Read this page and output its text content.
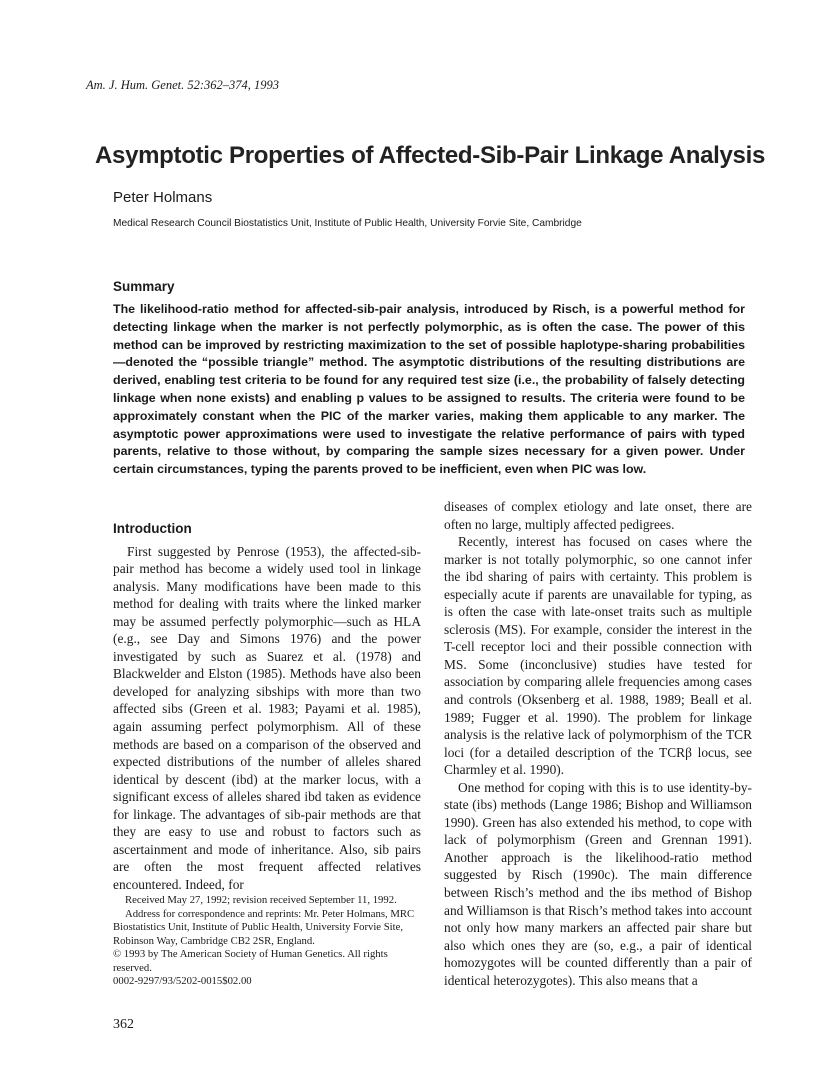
Am. J. Hum. Genet. 52:362–374, 1993
Asymptotic Properties of Affected-Sib-Pair Linkage Analysis
Peter Holmans
Medical Research Council Biostatistics Unit, Institute of Public Health, University Forvie Site, Cambridge
Summary

The likelihood-ratio method for affected-sib-pair analysis, introduced by Risch, is a powerful method for detecting linkage when the marker is not perfectly polymorphic, as is often the case. The power of this method can be improved by restricting maximization to the set of possible haplotype-sharing probabilities—denoted the “possible triangle” method. The asymptotic distributions of the resulting distributions are derived, enabling test criteria to be found for any required test size (i.e., the probability of falsely detecting linkage when none exists) and enabling p values to be assigned to results. The criteria were found to be approximately constant when the PIC of the marker varies, making them applicable to any marker. The asymptotic power approximations were used to investigate the relative performance of pairs with typed parents, relative to those without, by comparing the sample sizes necessary for a given power. Under certain circumstances, typing the parents proved to be inefficient, even when PIC was low.

Introduction

First suggested by Penrose (1953), the affected-sib-pair method has become a widely used tool in linkage analysis. Many modifications have been made to this method for dealing with traits where the linked marker may be assumed perfectly polymorphic—such as HLA (e.g., see Day and Simons 1976) and the power investigated by such as Suarez et al. (1978) and Blackwelder and Elston (1985). Methods have also been developed for analyzing sibships with more than two affected sibs (Green et al. 1983; Payami et al. 1985), again assuming perfect polymorphism. All of these methods are based on a comparison of the observed and expected distributions of the number of alleles shared identical by descent (ibd) at the marker locus, with a significant excess of alleles shared ibd taken as evidence for linkage. The advantages of sib-pair methods are that they are easy to use and robust to factors such as ascertainment and mode of inheritance. Also, sib pairs are often the most frequent affected relatives encountered. Indeed, for

diseases of complex etiology and late onset, there are often no large, multiply affected pedigrees.

Recently, interest has focused on cases where the marker is not totally polymorphic, so one cannot infer the ibd sharing of pairs with certainty. This problem is especially acute if parents are unavailable for typing, as is often the case with late-onset traits such as multiple sclerosis (MS). For example, consider the interest in the T-cell receptor loci and their possible connection with MS. Some (inconclusive) studies have tested for association by comparing allele frequencies among cases and controls (Oksenberg et al. 1988, 1989; Beall et al. 1989; Fugger et al. 1990). The problem for linkage analysis is the relative lack of polymorphism of the TCR loci (for a detailed description of the TCRβ locus, see Charmley et al. 1990).

One method for coping with this is to use identity-by-state (ibs) methods (Lange 1986; Bishop and Williamson 1990). Green has also extended his method, to cope with lack of polymorphism (Green and Grennan 1991). Another approach is the likelihood-ratio method suggested by Risch (1990c). The main difference between Risch’s method and the ibs method of Bishop and Williamson is that Risch’s method takes into account not only how many markers an affected pair share but also which ones they are (so, e.g., a pair of identical homozygotes will be counted differently than a pair of identical heterozygotes). This also means that a

Received May 27, 1992; revision received September 11, 1992.
Address for correspondence and reprints: Mr. Peter Holmans, MRC Biostatistics Unit, Institute of Public Health, University Forvie Site, Robinson Way, Cambridge CB2 2SR, England.
© 1993 by The American Society of Human Genetics. All rights reserved.
0002-9297/93/5202-0015$02.00
362
